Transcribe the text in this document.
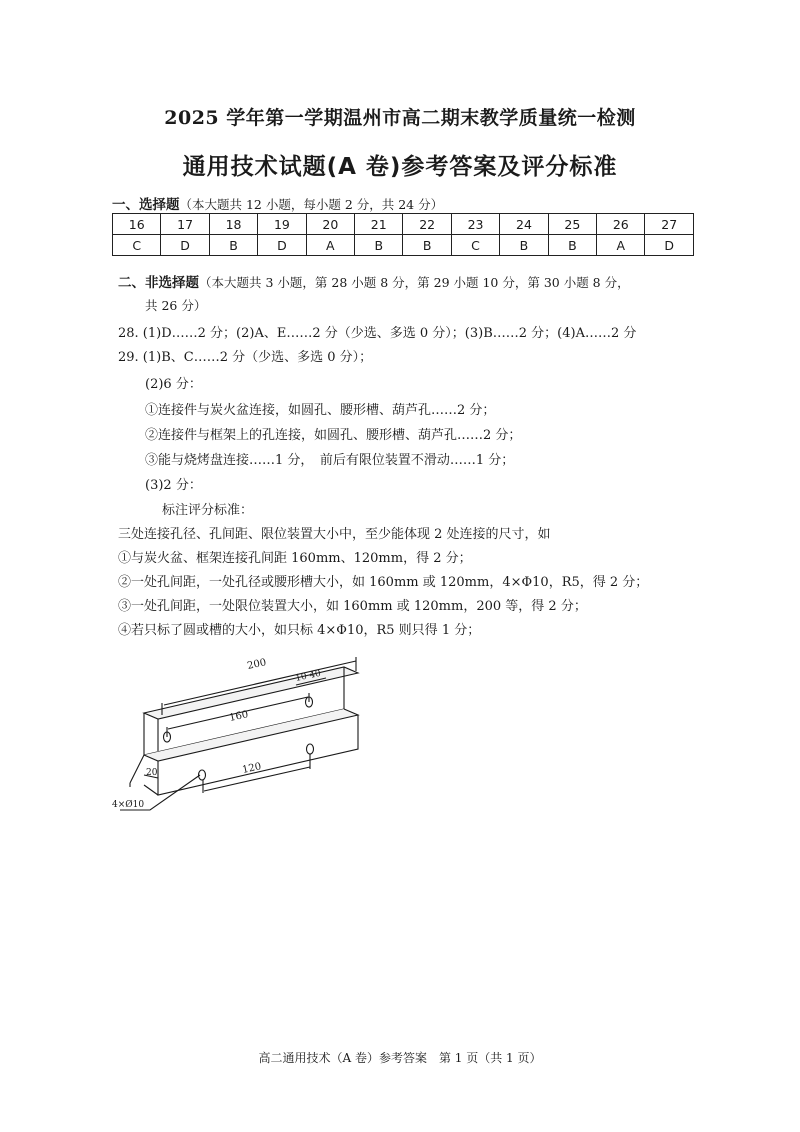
2025 学年第一学期温州市高二期末教学质量统一检测
通用技术试题(A 卷)参考答案及评分标准
一、选择题（本大题共 12 小题，每小题 2 分，共 24 分）
16	17	18	19	20	21	22	23	24	25	26	27
C	D	B	D	A	B	B	C	B	B	A	D
二、非选择题（本大题共 3 小题，第 28 小题 8 分，第 29 小题 10 分，第 30 小题 8 分，
共 26 分）
28. (1)D……2 分；(2)A、E……2 分（少选、多选 0 分）；(3)B……2 分；(4)A……2 分
29. (1)B、C……2 分（少选、多选 0 分）；
(2)6 分：
①连接件与炭火盆连接，如圆孔、腰形槽、葫芦孔……2 分；
②连接件与框架上的孔连接，如圆孔、腰形槽、葫芦孔……2 分；
③能与烧烤盘连接……1 分，　前后有限位装置不滑动……1 分；
(3)2 分：
标注评分标准：
三处连接孔径、孔间距、限位装置大小中，至少能体现 2 处连接的尺寸，如
①与炭火盆、框架连接孔间距 160mm、120mm，得 2 分；
②一处孔间距，一处孔径或腰形槽大小，如 160mm 或 120mm，4×Φ10，R5，得 2 分；
③一处孔间距，一处限位装置大小，如 160mm 或 120mm，200 等，得 2 分；
④若只标了圆或槽的大小，如只标 4×Φ10，R5 则只得 1 分；
200
10 40
160
120
20
4×Ø10
高二通用技术（A 卷）参考答案　第 1 页（共 1 页）
